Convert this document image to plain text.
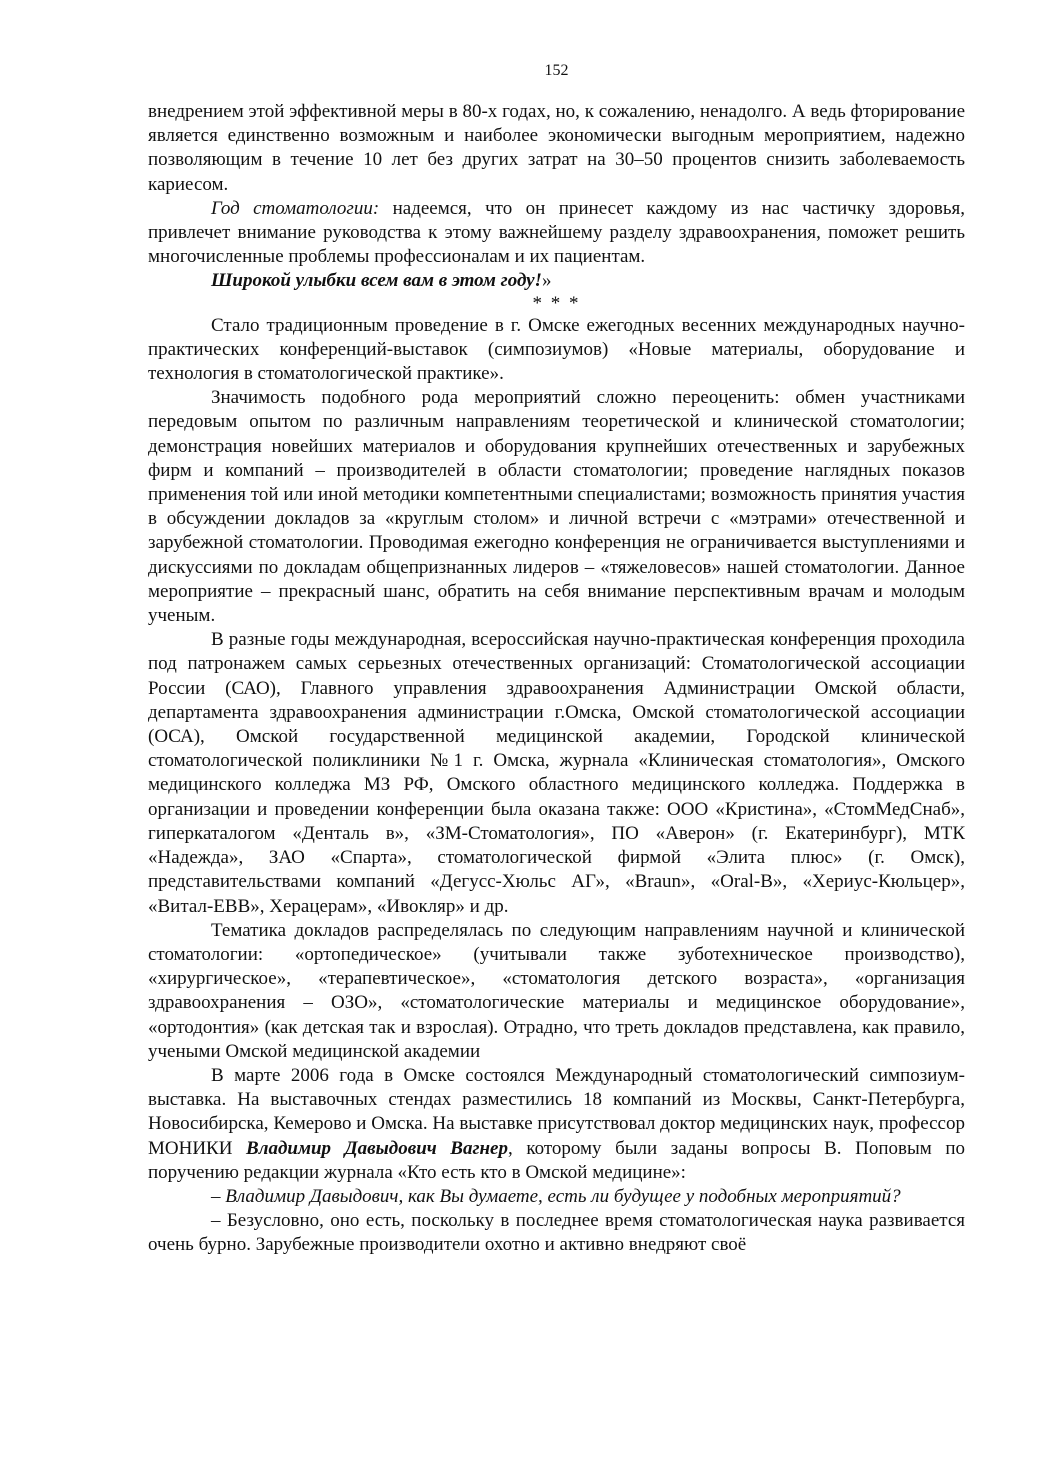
152

внедрением этой эффективной меры в 80-х годах, но, к сожалению, ненадолго. А ведь фторирование является единственно возможным и наиболее экономически выгодным мероприятием, надежно позволяющим в течение 10 лет без других затрат на 30–50 процентов снизить заболеваемость кариесом.

Год стоматологии: надеемся, что он принесет каждому из нас частичку здоровья, привлечет внимание руководства к этому важнейшему разделу здравоохранения, поможет решить многочисленные проблемы профессионалам и их пациентам.

Широкой улыбки всем вам в этом году!»

* * *

Стало традиционным проведение в г. Омске ежегодных весенних международных научно-практических конференций-выставок (симпозиумов) «Новые материалы, оборудование и технология в стоматологической практике».

Значимость подобного рода мероприятий сложно переоценить: обмен участниками передовым опытом по различным направлениям теоретической и клинической стоматологии; демонстрация новейших материалов и оборудования крупнейших отечественных и зарубежных фирм и компаний – производителей в области стоматологии; проведение наглядных показов применения той или иной методики компетентными специалистами; возможность принятия участия в обсуждении докладов за «круглым столом» и личной встречи с «мэтрами» отечественной и зарубежной стоматологии. Проводимая ежегодно конференция не ограничивается выступлениями и дискуссиями по докладам общепризнанных лидеров – «тяжеловесов» нашей стоматологии. Данное мероприятие – прекрасный шанс, обратить на себя внимание перспективным врачам и молодым ученым.

В разные годы международная, всероссийская научно-практическая конференция проходила под патронажем самых серьезных отечественных организаций: Стоматологической ассоциации России (САО), Главного управления здравоохранения Администрации Омской области, департамента здравоохранения администрации г.Омска, Омской стоматологической ассоциации (ОСА), Омской государственной медицинской академии, Городской клинической стоматологической поликлиники №1 г. Омска, журнала «Клиническая стоматология», Омского медицинского колледжа МЗ РФ, Омского областного медицинского колледжа. Поддержка в организации и проведении конференции была оказана также: ООО «Кристина», «СтомМедСнаб», гиперкаталогом «Денталь в», «ЗМ-Стоматология», ПО «Аверон» (г. Екатеринбург), МТК «Надежда», ЗАО «Спарта», стоматологической фирмой «Элита плюс» (г. Омск), представительствами компаний «Дегусс-Хюльс АГ», «Braun», «Oral-B», «Хериус-Кюльцер», «Витал-ЕВВ», Херацерам», «Ивокляр» и др.

Тематика докладов распределялась по следующим направлениям научной и клинической стоматологии: «ортопедическое» (учитывали также зуботехническое производство), «хирургическое», «терапевтическое», «стоматология детского возраста», «организация здравоохранения – ОЗО», «стоматологические материалы и медицинское оборудование», «ортодонтия» (как детская так и взрослая). Отрадно, что треть докладов представлена, как правило, учеными Омской медицинской академии

В марте 2006 года в Омске состоялся Международный стоматологический симпозиум-выставка. На выставочных стендах разместились 18 компаний из Москвы, Санкт-Петербурга, Новосибирска, Кемерово и Омска. На выставке присутствовал доктор медицинских наук, профессор МОНИКИ Владимир Давыдович Вагнер, которому были заданы вопросы В. Поповым по поручению редакции журнала «Кто есть кто в Омской медицине»:

– Владимир Давыдович, как Вы думаете, есть ли будущее у подобных мероприятий?

– Безусловно, оно есть, поскольку в последнее время стоматологическая наука развивается очень бурно. Зарубежные производители охотно и активно внедряют своё
